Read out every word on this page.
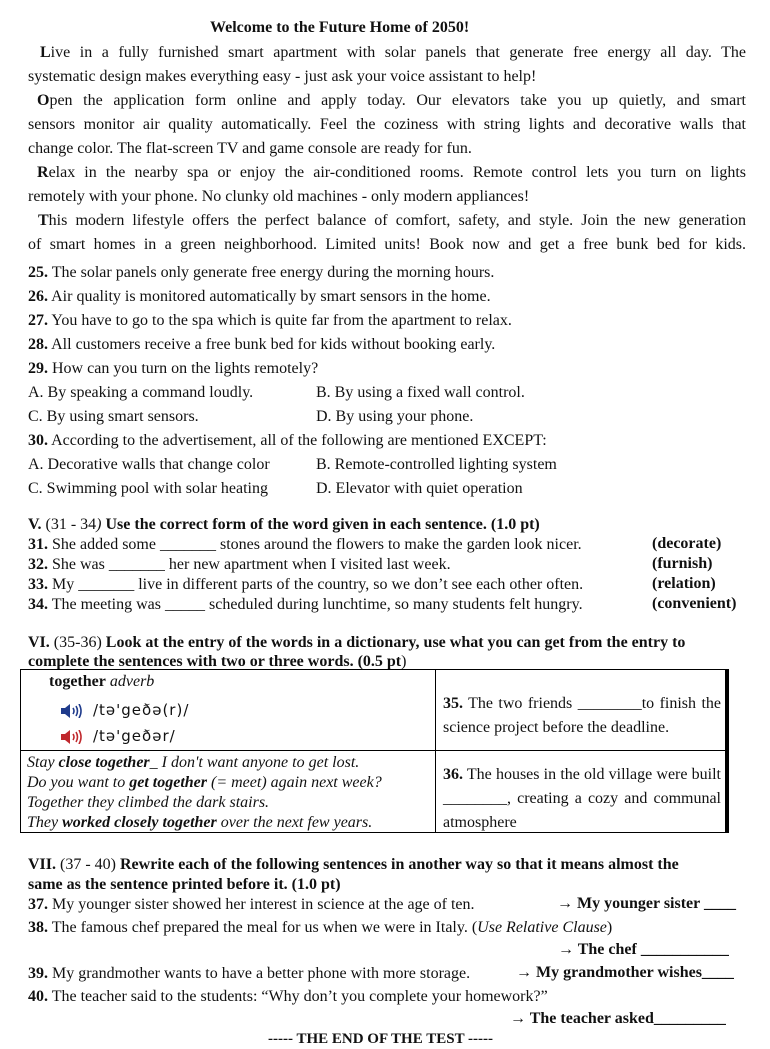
Welcome to the Future Home of 2050!
Live in a fully furnished smart apartment with solar panels that generate free energy all day. The
systematic design makes everything easy - just ask your voice assistant to help!
Open the application form online and apply today. Our elevators take you up quietly, and smart
sensors monitor air quality automatically. Feel the coziness with string lights and decorative walls that
change color. The flat-screen TV and game console are ready for fun.
Relax in the nearby spa or enjoy the air-conditioned rooms. Remote control lets you turn on lights
remotely with your phone. No clunky old machines - only modern appliances!
This modern lifestyle offers the perfect balance of comfort, safety, and style. Join the new generation
of smart homes in a green neighborhood. Limited units! Book now and get a free bunk bed for kids.
25. The solar panels only generate free energy during the morning hours.
26. Air quality is monitored automatically by smart sensors in the home.
27. You have to go to the spa which is quite far from the apartment to relax.
28. All customers receive a free bunk bed for kids without booking early.
29. How can you turn on the lights remotely?
A. By speaking a command loudly.	B. By using a fixed wall control.
C. By using smart sensors.	D. By using your phone.
30. According to the advertisement, all of the following are mentioned EXCEPT:
A. Decorative walls that change color	B. Remote-controlled lighting system
C. Swimming pool with solar heating	D. Elevator with quiet operation
V. (31 - 34) Use the correct form of the word given in each sentence. (1.0 pt)
31. She added some _______ stones around the flowers to make the garden look nicer.	(decorate)
32. She was _______ her new apartment when I visited last week.	(furnish)
33. My _______ live in different parts of the country, so we don’t see each other often.	(relation)
34. The meeting was _____ scheduled during lunchtime, so many students felt hungry.	(convenient)
VI. (35-36) Look at the entry of the words in a dictionary, use what you can get from the entry to
complete the sentences with two or three words. (0.5 pt)
together adverb
/tə'geðə(r)/
/tə'geðər/	35. The two friends ________to finish the science project before the deadline.

Stay close together_ I don't want anyone to get lost.
Do you want to get together (= meet) again next week?
Together they climbed the dark stairs.
They worked closely together over the next few years.	36. The houses in the old village were built ________, creating a cozy and communal atmosphere
VII. (37 - 40) Rewrite each of the following sentences in another way so that it means almost the
same as the sentence printed before it. (1.0 pt)
37. My younger sister showed her interest in science at the age of ten.	→ My younger sister ____
38. The famous chef prepared the meal for us when we were in Italy. (Use Relative Clause)
→ The chef ___________
39. My grandmother wants to have a better phone with more storage.	→ My grandmother wishes____
40. The teacher said to the students: “Why don’t you complete your homework?”
→ The teacher asked_________
----- THE END OF THE TEST -----
